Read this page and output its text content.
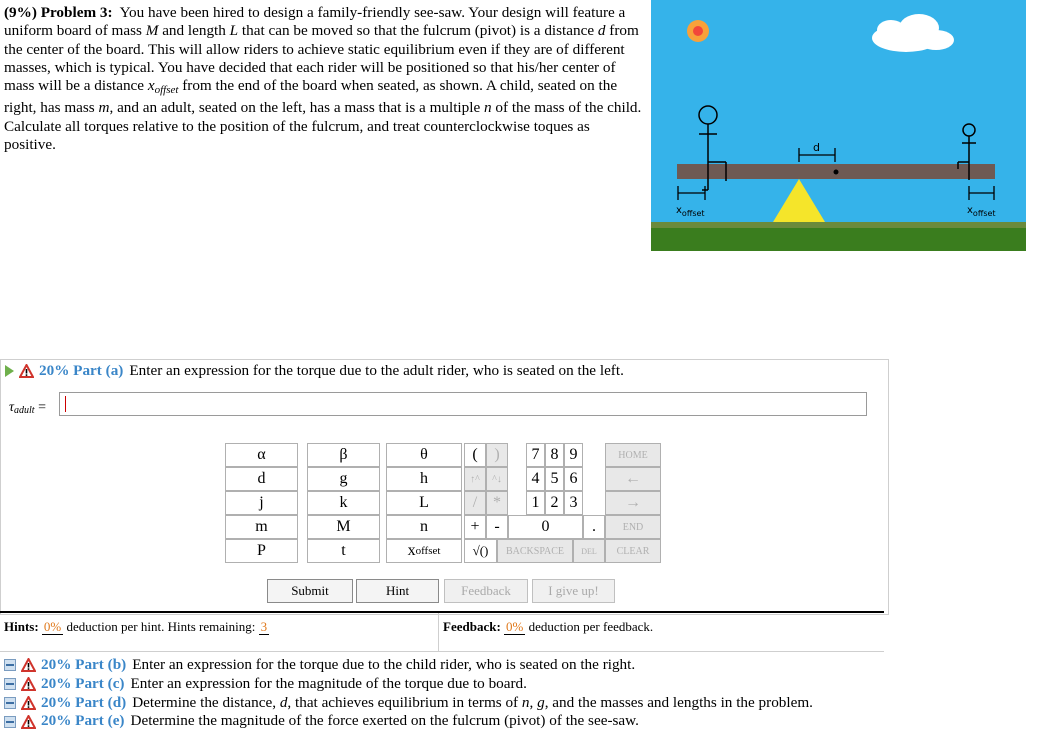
(9%) Problem 3: You have been hired to design a family-friendly see-saw. Your design will feature a uniform board of mass M and length L that can be moved so that the fulcrum (pivot) is a distance d from the center of the board. This will allow riders to achieve static equilibrium even if they are of different masses, which is typical. You have decided that each rider will be positioned so that his/her center of mass will be a distance $x_{offset}$ from the end of the board when seated, as shown. A child, seated on the right, has mass m, and an adult, seated on the left, has a mass that is a multiple n of the mass of the child. Calculate all torques relative to the position of the fulcrum, and treat counterclockwise toques as positive.	d
$x_{offset}$	$x_{offset}$
20% Part (a) Enter an expression for the torque due to the adult rider, who is seated on the left.
τadult =
α	β	θ
d	g	h
j	k	L
m	M	n
P	t	x offset
(	)
↑^	^↓
/ *
+ -
√()	BACKSPACE
7 8 9
4 5 6
1 2 3
0	.
DEL
HOME
←
→
END
CLEAR
Submit	Hint	Feedback	I give up!
Hints: 0% deduction per hint. Hints remaining: 3	Feedback: 0% deduction per feedback.
20% Part (b) Enter an expression for the torque due to the child rider, who is seated on the right.
20% Part (c) Enter an expression for the magnitude of the torque due to board.
20% Part (d) Determine the distance, d, that achieves equilibrium in terms of n, g, and the masses and lengths in the problem.
20% Part (e) Determine the magnitude of the force exerted on the fulcrum (pivot) of the see-saw.
